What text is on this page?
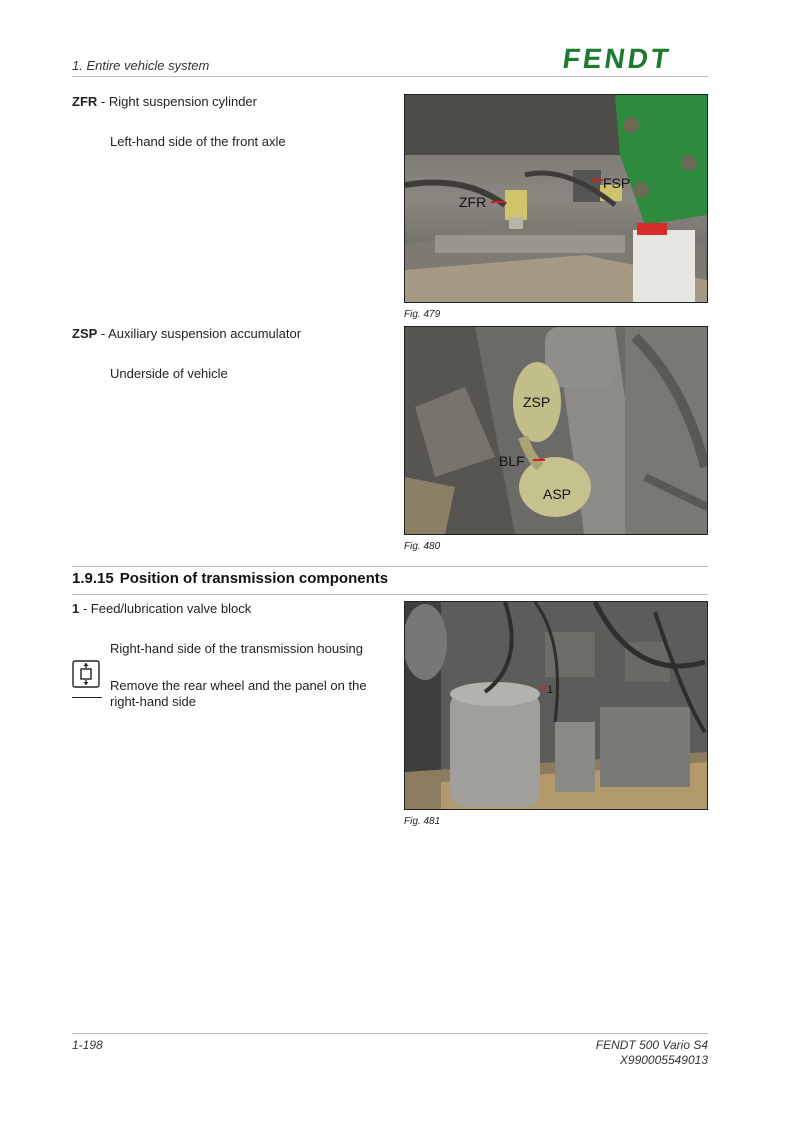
1. Entire vehicle system	FENDT
ZFR - Right suspension cylinder
Left-hand side of the front axle
ZFR
FSP
Fig. 479
ZSP - Auxiliary suspension accumulator
Underside of vehicle
ZSP
BLF
ASP
Fig. 480
1.9.15 Position of transmission components
1 - Feed/lubrication valve block
Right-hand side of the transmission housing
Remove the rear wheel and the panel on the right-hand side
1
Fig. 481
1-198	FENDT 500 Vario S4
X990005549013
